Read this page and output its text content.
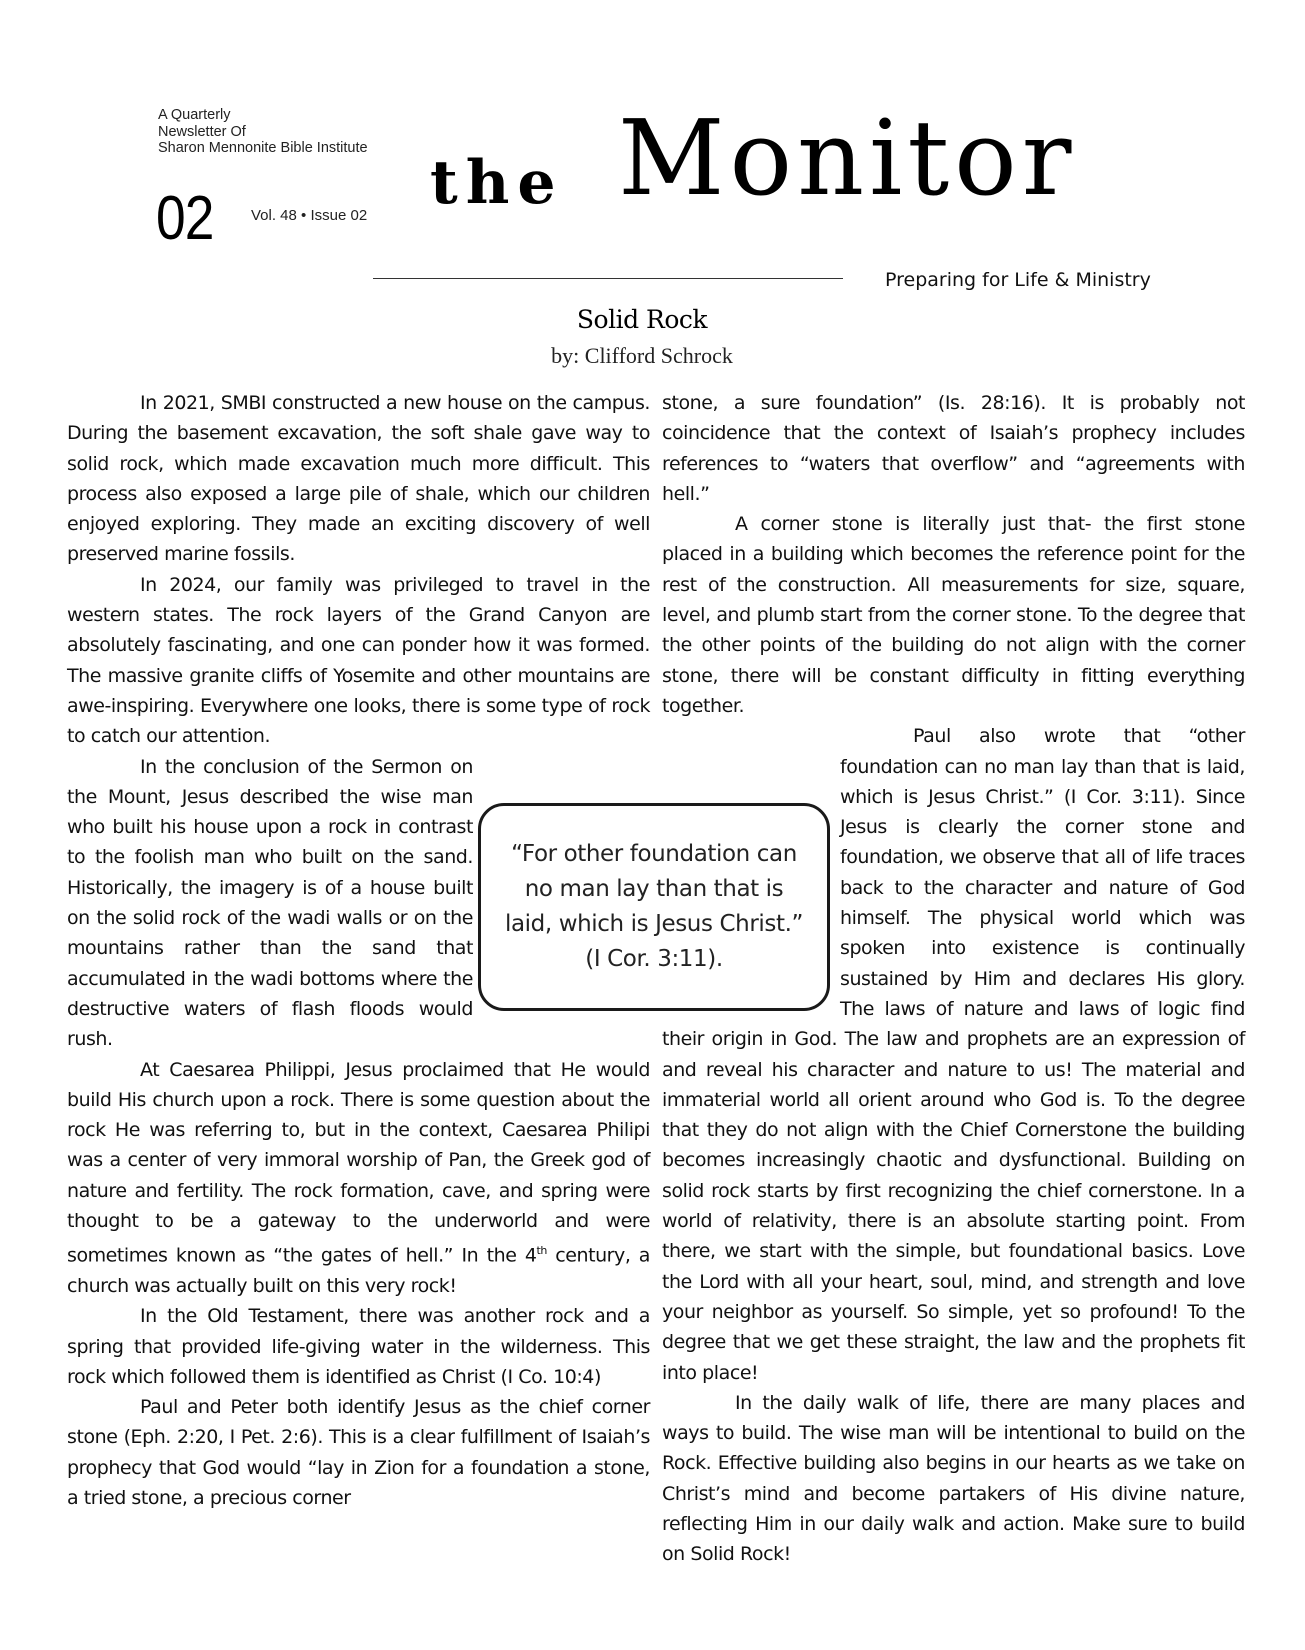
A Quarterly
Newsletter Of
Sharon Mennonite Bible Institute
02 Vol. 48 • Issue 02 the Monitor
Preparing for Life & Ministry
Solid Rock
by: Clifford Schrock

In 2021, SMBI constructed a new house on the campus. During the basement excavation, the soft shale gave way to solid rock, which made excavation much more difficult. This process also exposed a large pile of shale, which our children enjoyed exploring. They made an exciting discovery of well preserved marine fossils.

In 2024, our family was privileged to travel in the western states. The rock layers of the Grand Canyon are absolutely fascinating, and one can ponder how it was formed. The massive granite cliffs of Yosemite and other mountains are awe-inspiring. Everywhere one looks, there is some type of rock to catch our attention.

In the conclusion of the Sermon on the Mount, Jesus described the wise man who built his house upon a rock in contrast to the foolish man who built on the sand. Historically, the imagery is of a house built on the solid rock of the wadi walls or on the mountains rather than the sand that accumulated in the wadi bottoms where the destructive waters of flash floods would rush.

At Caesarea Philippi, Jesus proclaimed that He would build His church upon a rock. There is some question about the rock He was referring to, but in the context, Caesarea Philipi was a center of very immoral worship of Pan, the Greek god of nature and fertility. The rock formation, cave, and spring were thought to be a gateway to the underworld and were sometimes known as “the gates of hell.” In the 4th century, a church was actually built on this very rock!

In the Old Testament, there was another rock and a spring that provided life-giving water in the wilderness. This rock which followed them is identified as Christ (I Co. 10:4)

Paul and Peter both identify Jesus as the chief corner stone (Eph. 2:20, I Pet. 2:6). This is a clear fulfillment of Isaiah’s prophecy that God would “lay in Zion for a foundation a stone, a tried stone, a precious corner

stone, a sure foundation” (Is. 28:16). It is probably not coincidence that the context of Isaiah’s prophecy includes references to “waters that overflow” and “agreements with hell.”

A corner stone is literally just that- the first stone placed in a building which becomes the reference point for the rest of the construction. All measurements for size, square, level, and plumb start from the corner stone. To the degree that the other points of the building do not align with the corner stone, there will be constant difficulty in fitting everything together.

Paul also wrote that “other foundation can no man lay than that is laid, which is Jesus Christ.” (I Cor. 3:11). Since Jesus is clearly the corner stone and foundation, we observe that all of life traces back to the character and nature of God himself. The physical world which was spoken into existence is continually sustained by Him and declares His glory. The laws of nature and laws of logic find their origin in God. The law and prophets are an expression of and reveal his character and nature to us! The material and immaterial world all orient around who God is. To the degree that they do not align with the Chief Cornerstone the building becomes increasingly chaotic and dysfunctional. Building on solid rock starts by first recognizing the chief cornerstone. In a world of relativity, there is an absolute starting point. From there, we start with the simple, but foundational basics. Love the Lord with all your heart, soul, mind, and strength and love your neighbor as yourself. So simple, yet so profound! To the degree that we get these straight, the law and the prophets fit into place!

In the daily walk of life, there are many places and ways to build. The wise man will be intentional to build on the Rock. Effective building also begins in our hearts as we take on Christ’s mind and become partakers of His divine nature, reflecting Him in our daily walk and action. Make sure to build on Solid Rock!

“For other foundation can no man lay than that is laid, which is Jesus Christ.” (I Cor. 3:11).
